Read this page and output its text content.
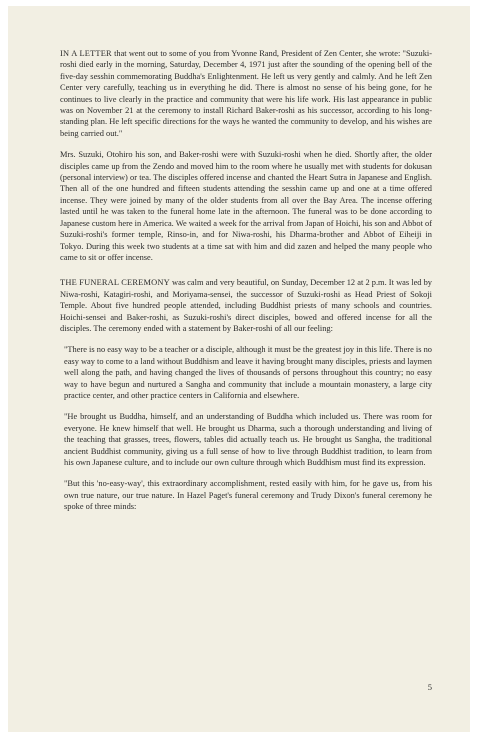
IN A LETTER that went out to some of you from Yvonne Rand, President of Zen Center, she wrote: "Suzuki-roshi died early in the morning, Saturday, December 4, 1971 just after the sounding of the opening bell of the five-day sesshin commemorating Buddha's Enlightenment. He left us very gently and calmly. And he left Zen Center very carefully, teaching us in everything he did. There is almost no sense of his being gone, for he continues to live clearly in the practice and community that were his life work. His last appearance in public was on November 21 at the ceremony to install Richard Baker-roshi as his successor, according to his long-standing plan. He left specific directions for the ways he wanted the community to develop, and his wishes are being carried out."

Mrs. Suzuki, Otohiro his son, and Baker-roshi were with Suzuki-roshi when he died. Shortly after, the older disciples came up from the Zendo and moved him to the room where he usually met with students for dokusan (personal interview) or tea. The disciples offered incense and chanted the Heart Sutra in Japanese and English. Then all of the one hundred and fifteen students attending the sesshin came up and one at a time offered incense. They were joined by many of the older students from all over the Bay Area. The incense offering lasted until he was taken to the funeral home late in the afternoon. The funeral was to be done according to Japanese custom here in America. We waited a week for the arrival from Japan of Hoichi, his son and Abbot of Suzuki-roshi's former temple, Rinso-in, and for Niwa-roshi, his Dharma-brother and Abbot of Eiheiji in Tokyo. During this week two students at a time sat with him and did zazen and helped the many people who came to sit or offer incense.

THE FUNERAL CEREMONY was calm and very beautiful, on Sunday, December 12 at 2 p.m. It was led by Niwa-roshi, Katagiri-roshi, and Moriyama-sensei, the successor of Suzuki-roshi as Head Priest of Sokoji Temple. About five hundred people attended, including Buddhist priests of many schools and countries. Hoichi-sensei and Baker-roshi, as Suzuki-roshi's direct disciples, bowed and offered incense for all the disciples. The ceremony ended with a statement by Baker-roshi of all our feeling:

"There is no easy way to be a teacher or a disciple, although it must be the greatest joy in this life. There is no easy way to come to a land without Buddhism and leave it having brought many disciples, priests and laymen well along the path, and having changed the lives of thousands of persons throughout this country; no easy way to have begun and nurtured a Sangha and community that include a mountain monastery, a large city practice center, and other practice centers in California and elsewhere.

"He brought us Buddha, himself, and an understanding of Buddha which included us. There was room for everyone. He knew himself that well. He brought us Dharma, such a thorough understanding and living of the teaching that grasses, trees, flowers, tables did actually teach us. He brought us Sangha, the traditional ancient Buddhist community, giving us a full sense of how to live through Buddhist tradition, to learn from his own Japanese culture, and to include our own culture through which Buddhism must find its expression.

"But this 'no-easy-way', this extraordinary accomplishment, rested easily with him, for he gave us, from his own true nature, our true nature. In Hazel Paget's funeral ceremony and Trudy Dixon's funeral ceremony he spoke of three minds:

5
